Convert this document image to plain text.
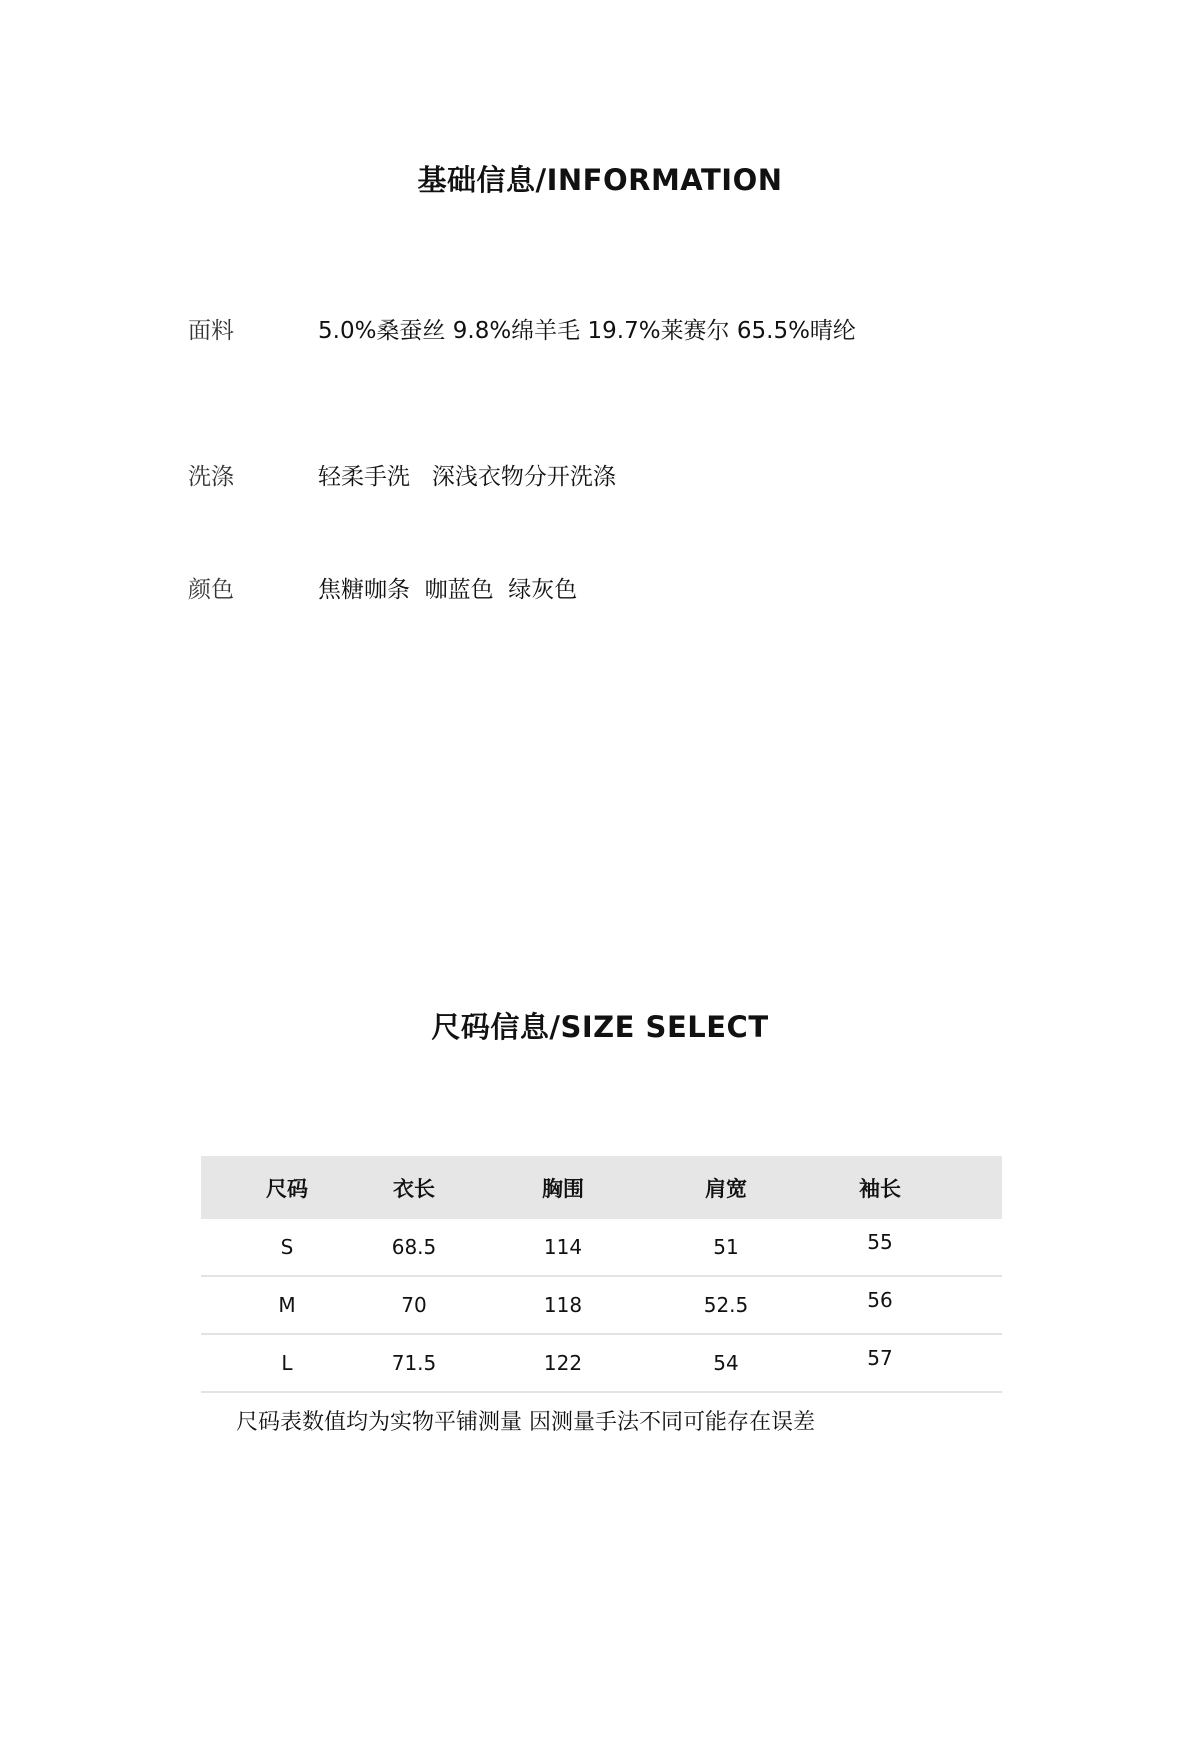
基础信息/INFORMATION
面料	5.0%桑蚕丝 9.8%绵羊毛 19.7%莱赛尔 65.5%晴纶
洗涤	轻柔手洗   深浅衣物分开洗涤
颜色	焦糖咖条  咖蓝色  绿灰色
尺码信息/SIZE SELECT
尺码	衣长	胸围	肩宽	袖长
S	68.5	114	51	55
M	70	118	52.5	56
L	71.5	122	54	57
尺码表数值均为实物平铺测量 因测量手法不同可能存在误差
